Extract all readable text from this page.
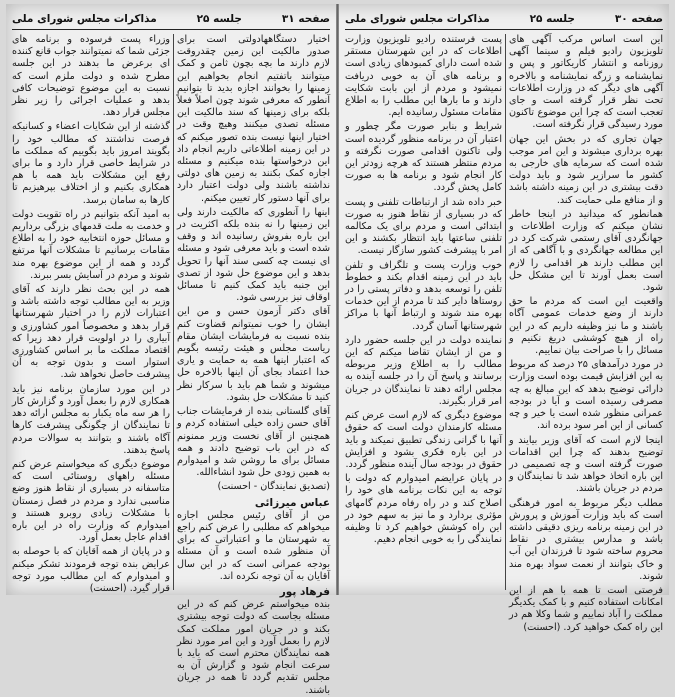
صفحه ۳۱
جلسه ۲۵
مذاکرات مجلس شورای ملی

اختیار دستگاههادولتی است برای صدور مالکیت این زمین چقدروقت لازم دارند ما بچه بچون ثامن و کمک میتوانند باتفتیم انجام بخواهیم این زمینها را بخوانند اجازه بدید تا بتوانیم آنطور که معرفی شوند چون اصلاً فعلاً بلکه برای زمینها که سند مالکیت این مسئله تصدی میکنند وهیچ وقت در اختیار اینها نیست بنده تصور میکنم که در این زمینه اطلاعاتی داریم انجام داد این درخواستها بنده میکنیم و مسئله اجازه کمک بکنند به زمین های دولتی نداشته باشند ولی دولت اعتبار دارد برای آنها دستور کار تعیین میکنم.

اینها را آنطوری که مالکیت دارند ولی این زمینها را نه بنده بلکه اکثریت در این باره بفروش رسانیده اند و وقف شده است و باید معرفی شود و مسئله ای نیست چه کسی سند آنها را تحویل بدهد و این موضوع حل شود از تصدی این جنبه باید کمک کنیم تا مسائل اوقاف نیز بررسی شود.

آقای دکتر آزمون حسن و من این ایشان را خوب نمیتوانم قضاوت کنم بنده نسبت به فرمایشات ایشان مقام ریاست مجلس و هیئت رئیسه بگویم که اعتبار اینها همه به حمایت و یاری خدا اعتماد بجای آن اینها بالاخره حل میشوند و شما هم باید با سرکار نظر کنید تا مشکلات حل بشود.

آقای گلستانی بنده از فرمایشات جناب آقای حسن زاده خیلی استفاده کردم و همچنین از آقای نخست وزیر ممنونم که در این باب توضیح دادند و همه مسائل برای ما روشن شد و امیدوارم به همین زودی حل شود انشاءالله.

(تصدیق نمایندگان - احسنت)

عباس میرزائی

من از آقای رئیس مجلس اجازه میخواهم که مطلبی را عرض کنم راجع به شهرستان ما و اعتباراتی که برای آن منظور شده است و آن مسئله بودجه عمرانی است که در این سال آقایان به آن توجه نکرده اند.

فرهاد پور

بنده میخواستم عرض کنم که در این مسئله بجاست که دولت توجه بیشتری بکند و در جریان امور مملکت کمک لازم را بعمل آورد و این امر مورد نظر همه نمایندگان محترم است که باید با سرعت انجام شود و گزارش آن به مجلس تقدیم گردد تا همه در جریان باشند.

وزراء پست فرسوده و برنامه های جزئی شما که نمیتوانند جواب قانع کننده ای برعرض ما بدهند در این جلسه مطرح شده و دولت ملزم است که نسبت به این موضوع توضیحات کافی بدهد و عملیات اجرائی را زیر نظر مجلس قرار دهد.

گذشته از این شکایات اعضاء و کسانیکه فرصت نداشتند که مطالب خود را بگویند امروز باید بگوییم که مملکت ما در شرایط خاصی قرار دارد و ما برای رفع این مشکلات باید همه با هم همکاری بکنیم و از اختلاف بپرهیزیم تا کارها به سامان برسد.

به امید آنکه بتوانیم در راه تقویت دولت و خدمت به ملت قدمهای بزرگی برداریم و مسائل حوزه انتخابیه خود را به اطلاع مقامات برسانیم تا مشکلات آنها مرتفع گردد و همه از این موضوع بهره مند شوند و مردم در آسایش بسر ببرند.

همه در این بحث نظر دارند که آقای وزیر به این مطالب توجه داشته باشد و اعتبارات لازم را در اختیار شهرستانها قرار بدهد و مخصوصاً امور کشاورزی و آبیاری را در اولویت قرار دهد زیرا که اقتصاد مملکت ما بر اساس کشاورزی استوار است و بدون توجه به آن پیشرفت حاصل نخواهد شد.

در این مورد سازمان برنامه نیز باید همکاری لازم را بعمل آورد و گزارش کار را هر سه ماه یکبار به مجلس ارائه دهد تا نمایندگان از چگونگی پیشرفت کارها آگاه باشند و بتوانند به سوالات مردم پاسخ بدهند.

موضوع دیگری که میخواستم عرض کنم مسئله راههای روستائی است که متاسفانه در بسیاری از نقاط هنوز وضع مناسبی ندارد و مردم در فصل زمستان با مشکلات زیادی روبرو هستند و امیدوارم که وزارت راه در این باره اقدام عاجل بعمل آورد.

و در پایان از همه آقایان که با حوصله به عرایض بنده توجه فرمودند تشکر میکنم و امیدوارم که این مطالب مورد توجه قرار گیرد. (احسنت)

صفحه ۳۰
جلسه ۲۵
مذاکرات مجلس شورای ملی

این است اساس مرکب آگهی های تلویزیون رادیو فیلم و سینما آگهی روزنامه و انتشار کاریکاتور و پس و نمایشنامه و زرگه نمایشنامه و بالاخره آگهی های دیگر که در وزارت اطلاعات تحت نظر قرار گرفته است و جای تعجب است که چرا این موضوع تاکنون مورد رسیدگی قرار نگرفته است.

جهان تجاری که در بخش این جهان بهره بردارى میشوند و این امر موجب شده است که سرمایه های خارجی به کشور ما سرازیر شود و باید دولت دقت بیشتری در این زمینه داشته باشد و از منافع ملی حمایت کند.

همانطور که میدانید در اینجا خاطر نشان میکنم که وزارت اطلاعات و جهانگردی آقای رستمی شرکت کرد در این مطالعه جهانگردی و با آگاهی که از این مطلب دارند هر اقدامی را لازم است بعمل آورند تا این مشکل حل شود.

واقعیت این است که مردم ما حق دارند از وضع خدمات عمومی آگاه باشند و ما نیز وظیفه داریم که در این راه از هیچ کوششی دریغ نکنیم و مسائل را با صراحت بیان نماییم.

در مورد درآمدهای ۲۵ درصد که مربوط به این افزایش قیمت بوده است وزارت دارائی توضیح بدهد که این مبالغ به چه مصرفی رسیده است و آیا در بودجه عمرانی منظور شده است یا خیر و چه کسانی از این امر سود برده اند.

اینجا لازم است که آقای وزیر بیایند و توضیح بدهند که چرا این اقدامات صورت گرفته است و چه تصمیمی در این باره اتخاذ خواهد شد تا نمایندگان و مردم در جریان باشند.

مطلب دیگر مربوط به امور فرهنگی است که باید وزارت آموزش و پرورش در این زمینه برنامه ریزی دقیقی داشته باشد و مدارس بیشتری در نقاط محروم ساخته شود تا فرزندان این آب و خاک بتوانند از نعمت سواد بهره مند شوند.

فرصتی است تا همه با هم از این امکانات استفاده کنیم و با کمک یکدیگر مملکت را آباد نماییم و شما وکلا هم در این راه کمک خواهید کرد. (احسنت)

پست فرستنده رادیو تلویزیون وزارت اطلاعات که در این شهرستان مستقر شده است دارای کمبودهای زیادی است و برنامه های آن به خوبی دریافت نمیشود و مردم از این بابت شکایت دارند و ما بارها این مطلب را به اطلاع مقامات مسئول رسانیده ایم.

شرایط و بنابر صورت مگر چطور و اعتبار آن در برنامه منظور گردیده است ولی تاکنون اقدامی صورت نگرفته و مردم منتظر هستند که هرچه زودتر این کار انجام شود و برنامه ها به صورت کامل پخش گردد.

خبر داده شد از ارتباطات تلفنی و پست که در بسیاری از نقاط هنوز به صورت ابتدائی است و مردم برای یک مکالمه تلفنی ساعتها باید انتظار بکشند و این امر با پیشرفت کشور سازگار نیست.

خوب وزارت پست و تلگراف و تلفن باید در این زمینه اقدام بکند و خطوط تلفن را توسعه بدهد و دفاتر پستی را در روستاها دایر کند تا مردم از این خدمات بهره مند شوند و ارتباط آنها با مراکز شهرستانها آسان گردد.

نماینده دولت در این جلسه حضور دارد و من از ایشان تقاضا میکنم که این مطالب را به اطلاع وزیر مربوطه برسانند و پاسخ آن را در جلسه آینده به مجلس ارائه دهند تا نمایندگان در جریان امر قرار بگیرند.

موضوع دیگری که لازم است عرض کنم مسئله کارمندان دولت است که حقوق آنها با گرانی زندگی تطبیق نمیکند و باید در این باره فکری بشود و افزایش حقوق در بودجه سال آینده منظور گردد.

در پایان عرایضم امیدوارم که دولت با توجه به این نکات برنامه های خود را اصلاح کند و در راه رفاه مردم گامهای مؤثری بردارد و ما نیز به سهم خود در این راه کوشش خواهیم کرد تا وظیفه نمایندگی را به خوبی انجام دهیم.
